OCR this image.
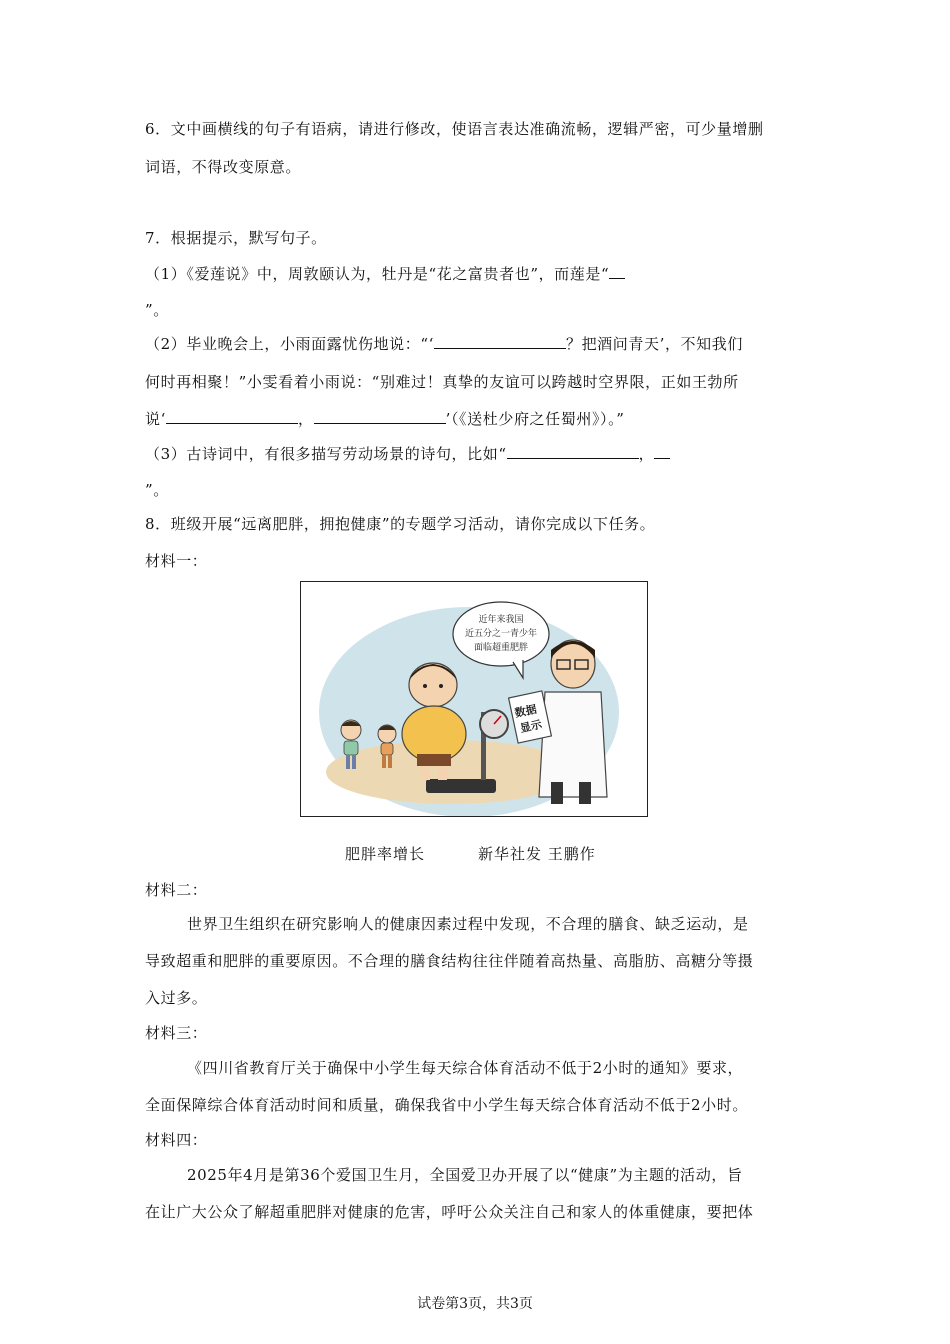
6．文中画横线的句子有语病，请进行修改，使语言表达准确流畅，逻辑严密，可少量增删
词语，不得改变原意。
7．根据提示，默写句子。
（1）《爱莲说》中，周敦颐认为，牡丹是“花之富贵者也”，而莲是“
”。
（2）毕业晚会上，小雨面露忧伤地说：“‘	？把酒问青天’，不知我们
何时再相聚！”小雯看着小雨说：“别难过！真挚的友谊可以跨越时空界限，正如王勃所
说‘	，	’（《送杜少府之任蜀州》）。”
（3）古诗词中，有很多描写劳动场景的诗句，比如“	，
”。
8．班级开展“远离肥胖，拥抱健康”的专题学习活动，请你完成以下任务。
材料一：
近年来我国
近五分之一青少年
面临超重肥胖
数据
显示
肥胖率增长	新华社发 王鹏作
材料二：
世界卫生组织在研究影响人的健康因素过程中发现，不合理的膳食、缺乏运动，是
导致超重和肥胖的重要原因。不合理的膳食结构往往伴随着高热量、高脂肪、高糖分等摄
入过多。
材料三：
《四川省教育厅关于确保中小学生每天综合体育活动不低于2小时的通知》要求，
全面保障综合体育活动时间和质量，确保我省中小学生每天综合体育活动不低于2小时。
材料四：
2025年4月是第36个爱国卫生月，全国爱卫办开展了以“健康”为主题的活动，旨
在让广大公众了解超重肥胖对健康的危害，呼吁公众关注自己和家人的体重健康，要把体
试卷第3页，共3页
